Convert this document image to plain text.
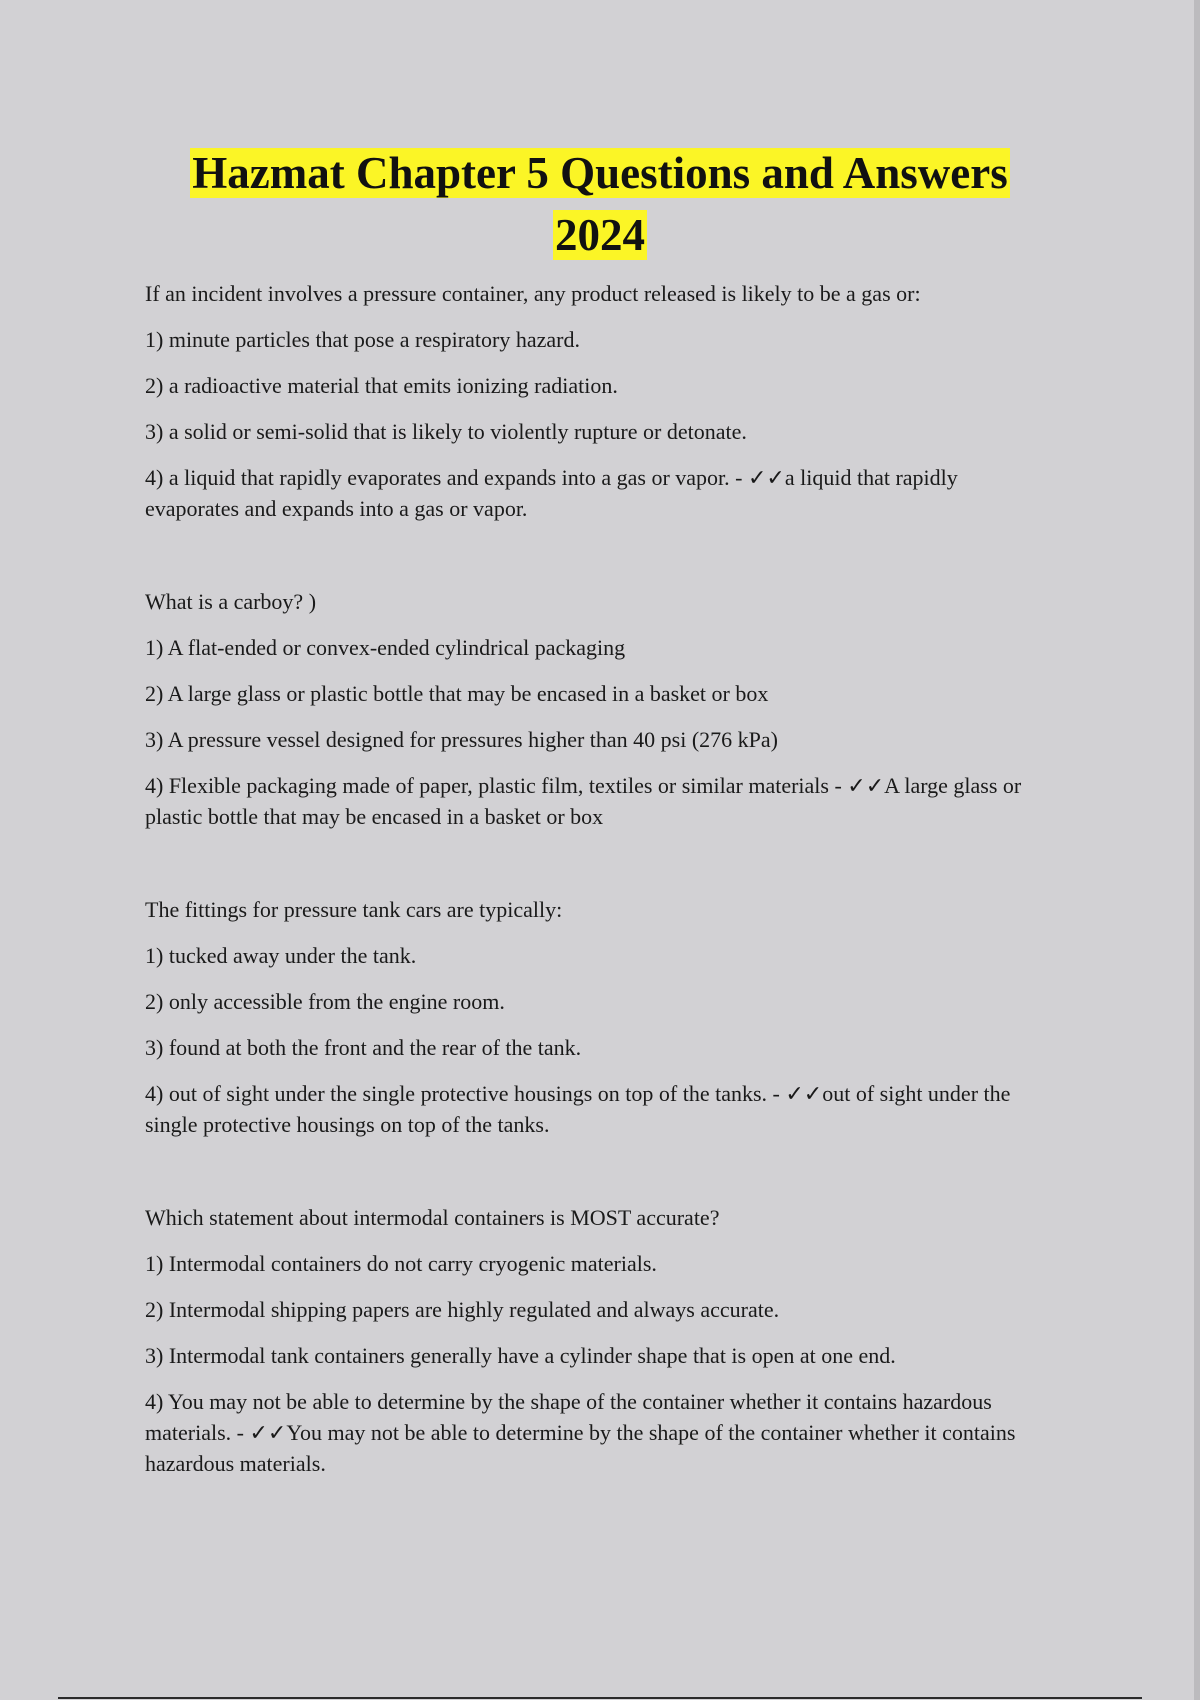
Hazmat Chapter 5 Questions and Answers
2024

If an incident involves a pressure container, any product released is likely to be a gas or:

1) minute particles that pose a respiratory hazard.

2) a radioactive material that emits ionizing radiation.

3) a solid or semi-solid that is likely to violently rupture or detonate.

4) a liquid that rapidly evaporates and expands into a gas or vapor. - ✓✓a liquid that rapidly evaporates and expands into a gas or vapor.

What is a carboy? )

1) A flat-ended or convex-ended cylindrical packaging

2) A large glass or plastic bottle that may be encased in a basket or box

3) A pressure vessel designed for pressures higher than 40 psi (276 kPa)

4) Flexible packaging made of paper, plastic film, textiles or similar materials - ✓✓A large glass or plastic bottle that may be encased in a basket or box

The fittings for pressure tank cars are typically:

1) tucked away under the tank.

2) only accessible from the engine room.

3) found at both the front and the rear of the tank.

4) out of sight under the single protective housings on top of the tanks. - ✓✓out of sight under the single protective housings on top of the tanks.

Which statement about intermodal containers is MOST accurate?

1) Intermodal containers do not carry cryogenic materials.

2) Intermodal shipping papers are highly regulated and always accurate.

3) Intermodal tank containers generally have a cylinder shape that is open at one end.

4) You may not be able to determine by the shape of the container whether it contains hazardous materials. - ✓✓You may not be able to determine by the shape of the container whether it contains hazardous materials.
